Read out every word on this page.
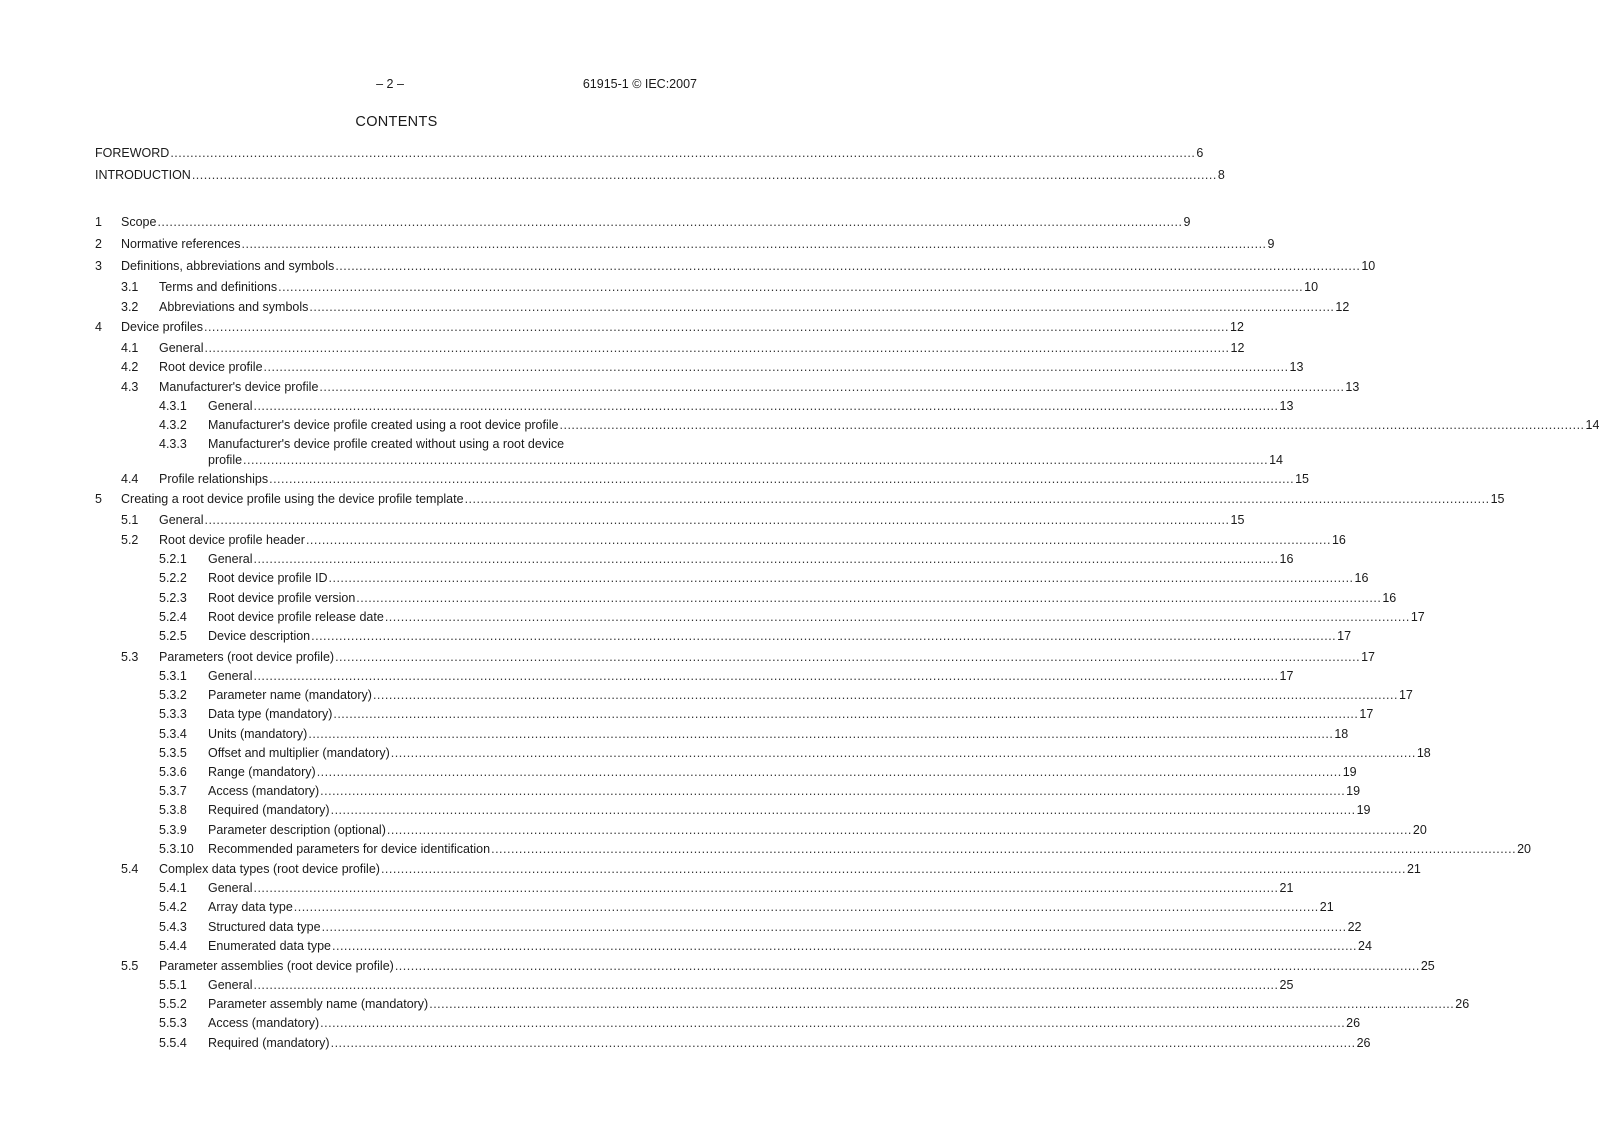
– 2 –	61915-1 © IEC:2007
CONTENTS
FOREWORD .................................................................................................................................................................................................................................................................. 6
INTRODUCTION .................................................................................................................................................................................................................................................................. 8
1 Scope .................................................................................................................................................................................................................................................................. 9
2 Normative references .................................................................................................................................................................................................................................................................. 9
3 Definitions, abbreviations and symbols .................................................................................................................................................................................................................................................................. 10
3.1 Terms and definitions .................................................................................................................................................................................................................................................................. 10
3.2 Abbreviations and symbols .................................................................................................................................................................................................................................................................. 12
4 Device profiles .................................................................................................................................................................................................................................................................. 12
4.1 General .................................................................................................................................................................................................................................................................. 12
4.2 Root device profile .................................................................................................................................................................................................................................................................. 13
4.3 Manufacturer's device profile .................................................................................................................................................................................................................................................................. 13
4.3.1 General .................................................................................................................................................................................................................................................................. 13
4.3.2 Manufacturer's device profile created using a root device profile .................................................................................................................................................................................................................................................................. 14
4.3.3 Manufacturer's device profile created without using a root device
profile .................................................................................................................................................................................................................................................................. 14
4.4 Profile relationships .................................................................................................................................................................................................................................................................. 15
5 Creating a root device profile using the device profile template .................................................................................................................................................................................................................................................................. 15
5.1 General .................................................................................................................................................................................................................................................................. 15
5.2 Root device profile header .................................................................................................................................................................................................................................................................. 16
5.2.1 General .................................................................................................................................................................................................................................................................. 16
5.2.2 Root device profile ID .................................................................................................................................................................................................................................................................. 16
5.2.3 Root device profile version .................................................................................................................................................................................................................................................................. 16
5.2.4 Root device profile release date .................................................................................................................................................................................................................................................................. 17
5.2.5 Device description .................................................................................................................................................................................................................................................................. 17
5.3 Parameters (root device profile) .................................................................................................................................................................................................................................................................. 17
5.3.1 General .................................................................................................................................................................................................................................................................. 17
5.3.2 Parameter name (mandatory) .................................................................................................................................................................................................................................................................. 17
5.3.3 Data type (mandatory) .................................................................................................................................................................................................................................................................. 17
5.3.4 Units (mandatory) .................................................................................................................................................................................................................................................................. 18
5.3.5 Offset and multiplier (mandatory) .................................................................................................................................................................................................................................................................. 18
5.3.6 Range (mandatory) .................................................................................................................................................................................................................................................................. 19
5.3.7 Access (mandatory) .................................................................................................................................................................................................................................................................. 19
5.3.8 Required (mandatory) .................................................................................................................................................................................................................................................................. 19
5.3.9 Parameter description (optional) .................................................................................................................................................................................................................................................................. 20
5.3.10 Recommended parameters for device identification .................................................................................................................................................................................................................................................................. 20
5.4 Complex data types (root device profile) .................................................................................................................................................................................................................................................................. 21
5.4.1 General .................................................................................................................................................................................................................................................................. 21
5.4.2 Array data type .................................................................................................................................................................................................................................................................. 21
5.4.3 Structured data type .................................................................................................................................................................................................................................................................. 22
5.4.4 Enumerated data type .................................................................................................................................................................................................................................................................. 24
5.5 Parameter assemblies (root device profile) .................................................................................................................................................................................................................................................................. 25
5.5.1 General .................................................................................................................................................................................................................................................................. 25
5.5.2 Parameter assembly name (mandatory) .................................................................................................................................................................................................................................................................. 26
5.5.3 Access (mandatory) .................................................................................................................................................................................................................................................................. 26
5.5.4 Required (mandatory) .................................................................................................................................................................................................................................................................. 26
